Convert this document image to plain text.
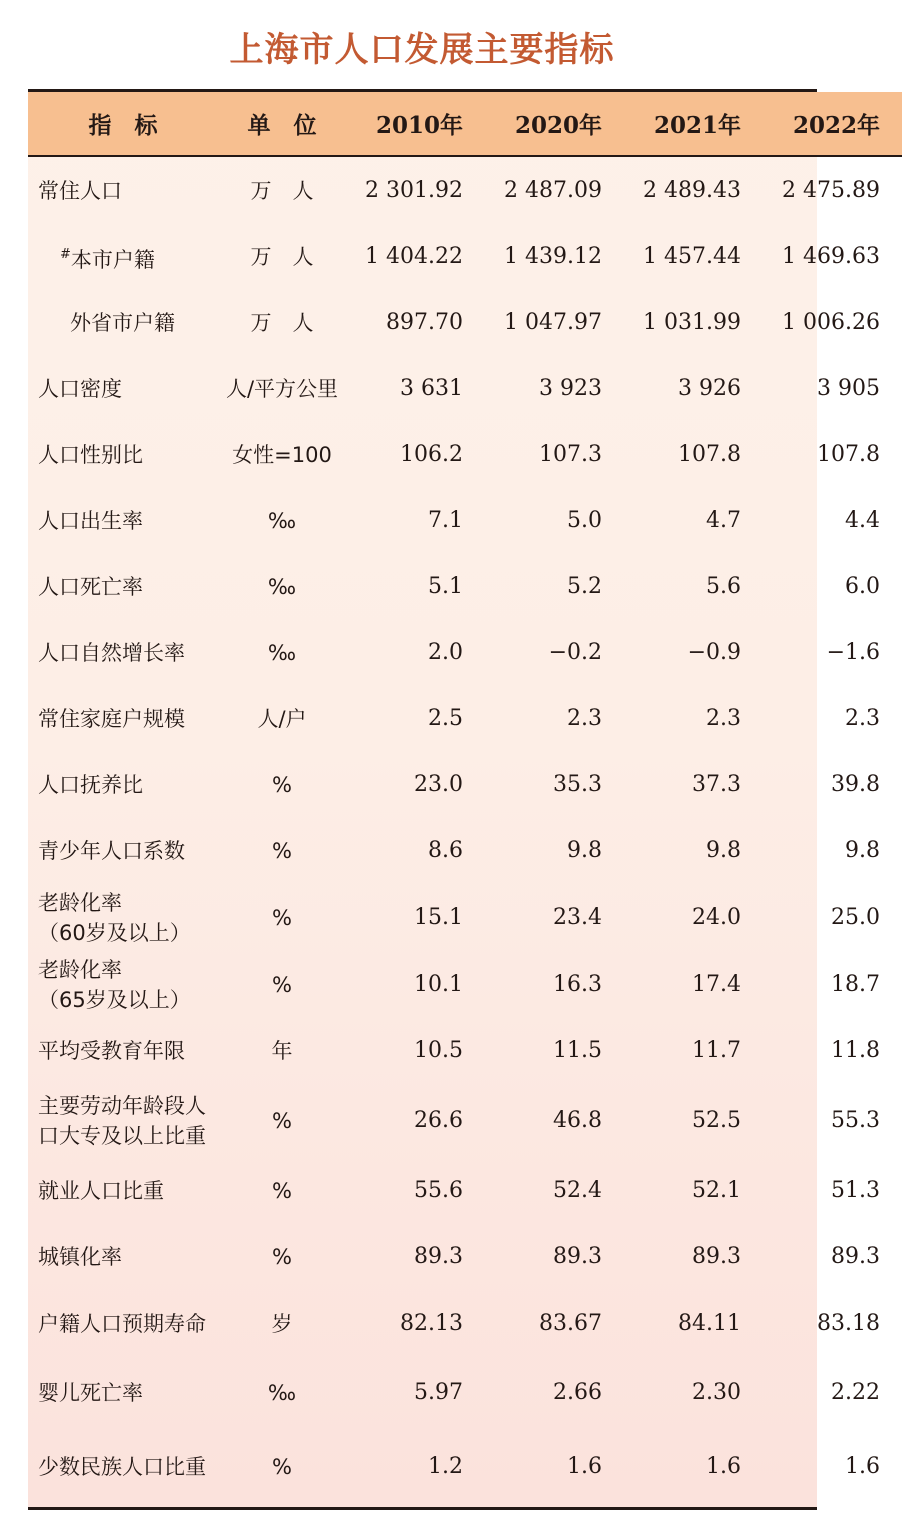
上海市人口发展主要指标
指　标	单　位	2010年	2020年	2021年	2022年
常住人口	万　人	2 301.92	2 487.09	2 489.43	2 475.89
#本市户籍	万　人	1 404.22	1 439.12	1 457.44	1 469.63
外省市户籍	万　人	897.70	1 047.97	1 031.99	1 006.26
人口密度	人/平方公里	3 631	3 923	3 926	3 905
人口性别比	女性=100	106.2	107.3	107.8	107.8
人口出生率	‰	7.1	5.0	4.7	4.4
人口死亡率	‰	5.1	5.2	5.6	6.0
人口自然增长率	‰	2.0	−0.2	−0.9	−1.6
常住家庭户规模	人/户	2.5	2.3	2.3	2.3
人口抚养比	%	23.0	35.3	37.3	39.8
青少年人口系数	%	8.6	9.8	9.8	9.8
老龄化率
（60岁及以上）	%	15.1	23.4	24.0	25.0
老龄化率
（65岁及以上）	%	10.1	16.3	17.4	18.7
平均受教育年限	年	10.5	11.5	11.7	11.8
主要劳动年龄段人
口大专及以上比重	%	26.6	46.8	52.5	55.3
就业人口比重	%	55.6	52.4	52.1	51.3
城镇化率	%	89.3	89.3	89.3	89.3
户籍人口预期寿命	岁	82.13	83.67	84.11	83.18
婴儿死亡率	‰	5.97	2.66	2.30	2.22
少数民族人口比重	%	1.2	1.6	1.6	1.6
